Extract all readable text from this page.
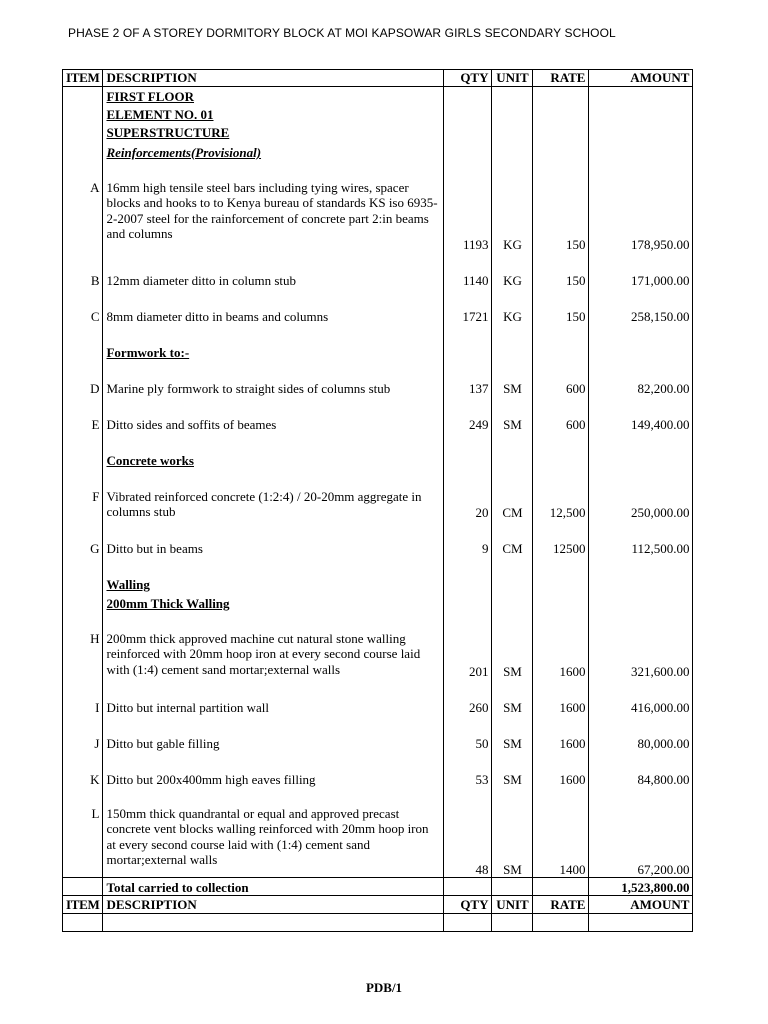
PHASE 2 OF A STOREY DORMITORY BLOCK AT MOI KAPSOWAR GIRLS SECONDARY SCHOOL
ITEM	DESCRIPTION	QTY	UNIT	RATE	AMOUNT
	FIRST FLOOR				
	ELEMENT NO. 01				
	SUPERSTRUCTURE				
	Reinforcements(Provisional)				
A	16mm high tensile steel bars including tying wires, spacer blocks and hooks to to Kenya bureau of standards KS iso 6935-2-2007 steel for the rainforcement of concrete part 2:in beams and columns	1193	KG	150	178,950.00
B	12mm diameter ditto in column stub	1140	KG	150	171,000.00
C	8mm diameter ditto in beams and columns	1721	KG	150	258,150.00
	Formwork to:-				
D	Marine ply formwork to straight sides of columns stub	137	SM	600	82,200.00
E	Ditto sides and soffits of beames	249	SM	600	149,400.00
	Concrete works				
F	Vibrated reinforced concrete (1:2:4) / 20-20mm aggregate in columns stub	20	CM	12,500	250,000.00
G	Ditto but in beams	9	CM	12500	112,500.00
	Walling				
	200mm Thick Walling				
H	200mm thick approved machine cut natural stone walling reinforced with 20mm hoop iron at every second course laid with (1:4) cement sand mortar;external walls	201	SM	1600	321,600.00
I	Ditto but internal partition wall	260	SM	1600	416,000.00
J	Ditto but gable filling	50	SM	1600	80,000.00
K	Ditto but 200x400mm high eaves filling	53	SM	1600	84,800.00
L	150mm thick quandrantal or equal and approved precast concrete vent blocks walling reinforced with 20mm hoop iron at every second course laid with (1:4) cement sand mortar;external walls	48	SM	1400	67,200.00
	Total carried to collection				1,523,800.00
ITEM	DESCRIPTION	QTY	UNIT	RATE	AMOUNT

PDB/1
